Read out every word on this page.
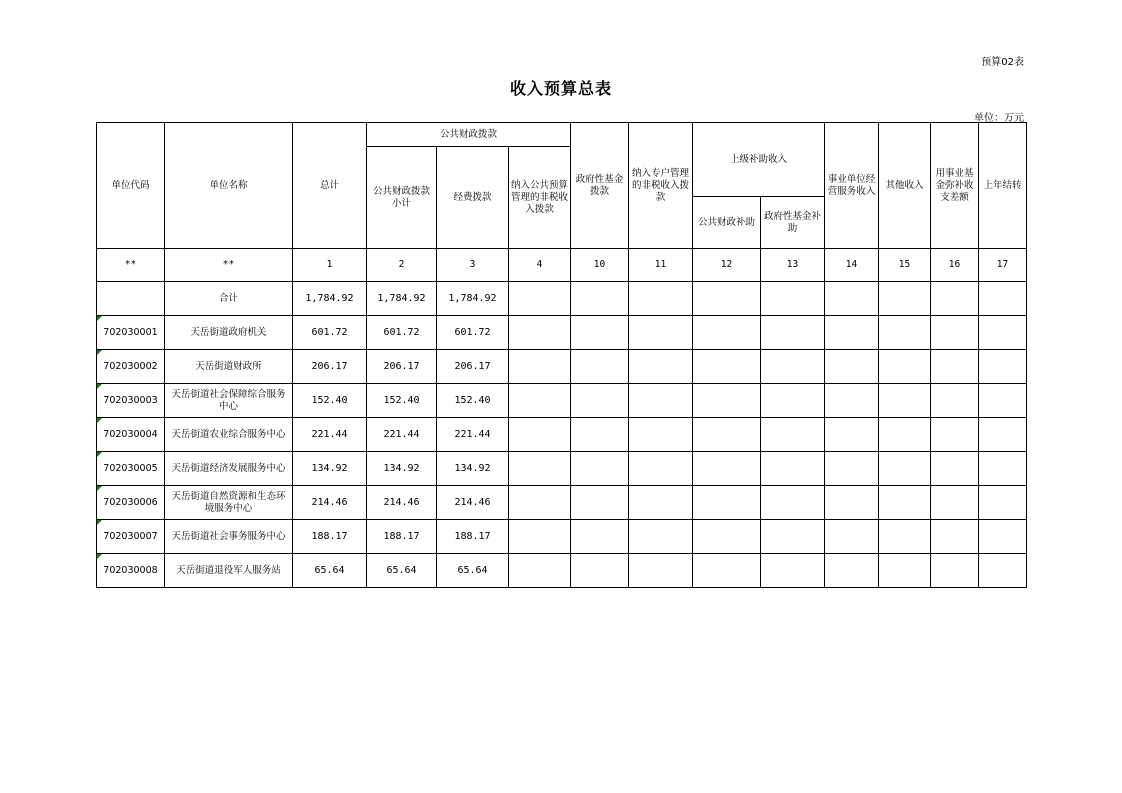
预算02表
收入预算总表
单位：万元
单位代码	单位名称	总计	公共财政拨款			政府性基金拨款	纳入专户管理的非税收入拨款	上级补助收入		事业单位经营服务收入	其他收入	用事业基金弥补收支差额	上年结转
			公共财政拨款小计	经费拨款	纳入公共预算管理的非税收入拨款								
								公共财政补助	政府性基金补助				
**	**	1	2	3	4	10	11	12	13	14	15	16	17
	合计	1,784.92	1,784.92	1,784.92									
702030001	天岳街道政府机关	601.72	601.72	601.72									
702030002	天岳街道财政所	206.17	206.17	206.17									
702030003	天岳街道社会保障综合服务中心	152.40	152.40	152.40									
702030004	天岳街道农业综合服务中心	221.44	221.44	221.44									
702030005	天岳街道经济发展服务中心	134.92	134.92	134.92									
702030006	天岳街道自然资源和生态环境服务中心	214.46	214.46	214.46									
702030007	天岳街道社会事务服务中心	188.17	188.17	188.17									
702030008	天岳街道退役军人服务站	65.64	65.64	65.64									
